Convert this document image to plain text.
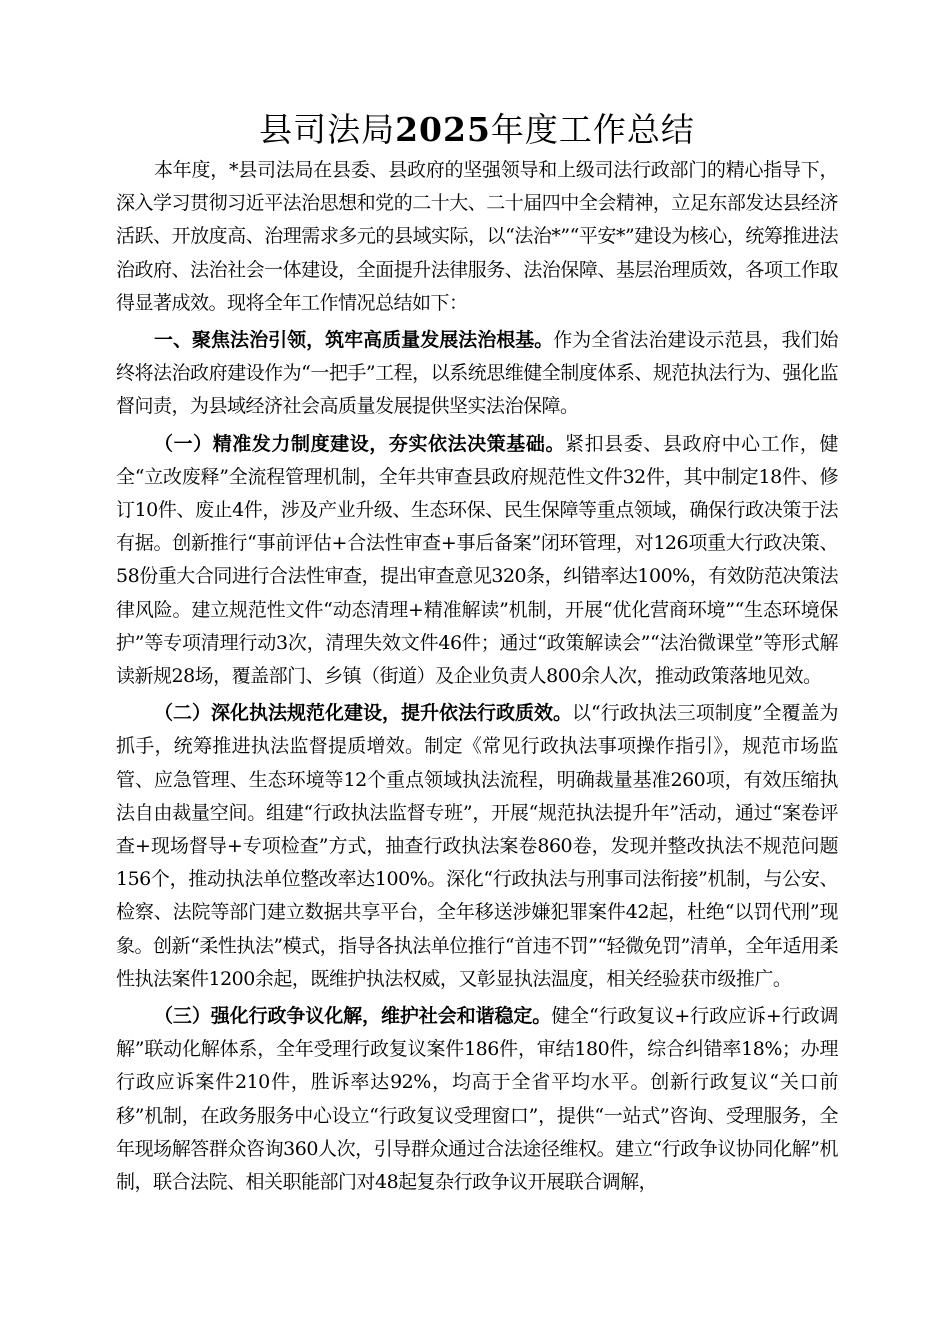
县司法局2025年度工作总结

本年度，*县司法局在县委、县政府的坚强领导和上级司法行政部门的精心指导下，深入学习贯彻习近平法治思想和党的二十大、二十届四中全会精神，立足东部发达县经济活跃、开放度高、治理需求多元的县域实际，以“法治*”“平安*”建设为核心，统筹推进法治政府、法治社会一体建设，全面提升法律服务、法治保障、基层治理质效，各项工作取得显著成效。现将全年工作情况总结如下：

一、聚焦法治引领，筑牢高质量发展法治根基。作为全省法治建设示范县，我们始终将法治政府建设作为“一把手”工程，以系统思维健全制度体系、规范执法行为、强化监督问责，为县域经济社会高质量发展提供坚实法治保障。

（一）精准发力制度建设，夯实依法决策基础。紧扣县委、县政府中心工作，健全“立改废释”全流程管理机制，全年共审查县政府规范性文件32件，其中制定18件、修订10件、废止4件，涉及产业升级、生态环保、民生保障等重点领域，确保行政决策于法有据。创新推行“事前评估+合法性审查+事后备案”闭环管理，对126项重大行政决策、58份重大合同进行合法性审查，提出审查意见320条，纠错率达100%，有效防范决策法律风险。建立规范性文件“动态清理+精准解读”机制，开展“优化营商环境”“生态环境保护”等专项清理行动3次，清理失效文件46件；通过“政策解读会”“法治微课堂”等形式解读新规28场，覆盖部门、乡镇（街道）及企业负责人800余人次，推动政策落地见效。

（二）深化执法规范化建设，提升依法行政质效。以“行政执法三项制度”全覆盖为抓手，统筹推进执法监督提质增效。制定《常见行政执法事项操作指引》，规范市场监管、应急管理、生态环境等12个重点领域执法流程，明确裁量基准260项，有效压缩执法自由裁量空间。组建“行政执法监督专班”，开展“规范执法提升年”活动，通过“案卷评查+现场督导+专项检查”方式，抽查行政执法案卷860卷，发现并整改执法不规范问题156个，推动执法单位整改率达100%。深化“行政执法与刑事司法衔接”机制，与公安、检察、法院等部门建立数据共享平台，全年移送涉嫌犯罪案件42起，杜绝“以罚代刑”现象。创新“柔性执法”模式，指导各执法单位推行“首违不罚”“轻微免罚”清单，全年适用柔性执法案件1200余起，既维护执法权威，又彰显执法温度，相关经验获市级推广。

（三）强化行政争议化解，维护社会和谐稳定。健全“行政复议+行政应诉+行政调解”联动化解体系，全年受理行政复议案件186件，审结180件，综合纠错率18%；办理行政应诉案件210件，胜诉率达92%，均高于全省平均水平。创新行政复议“关口前移”机制，在政务服务中心设立“行政复议受理窗口”，提供“一站式”咨询、受理服务，全年现场解答群众咨询360人次，引导群众通过合法途径维权。建立“行政争议协同化解”机制，联合法院、相关职能部门对48起复杂行政争议开展联合调解，
